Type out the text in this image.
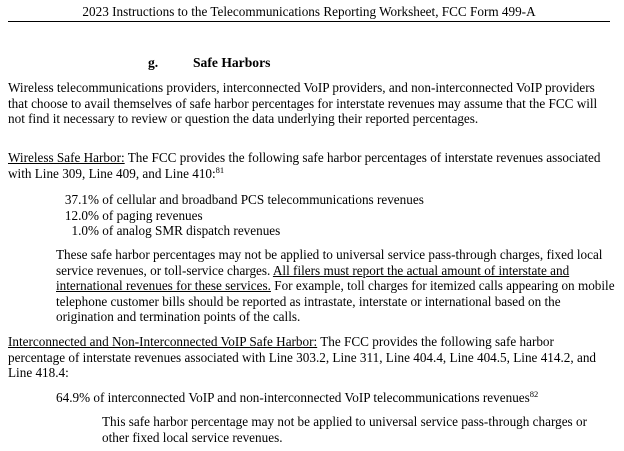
2023 Instructions to the Telecommunications Reporting Worksheet, FCC Form 499-A
g.	Safe Harbors

Wireless telecommunications providers, interconnected VoIP providers, and non-interconnected VoIP providers that choose to avail themselves of safe harbor percentages for interstate revenues may assume that the FCC will not find it necessary to review or question the data underlying their reported percentages.

Wireless Safe Harbor: The FCC provides the following safe harbor percentages of interstate revenues associated with Line 309, Line 409, and Line 410:$^{81}$

37.1% of cellular and broadband PCS telecommunications revenues
12.0% of paging revenues
1.0% of analog SMR dispatch revenues

These safe harbor percentages may not be applied to universal service pass-through charges, fixed local service revenues, or toll-service charges. All filers must report the actual amount of interstate and international revenues for these services. For example, toll charges for itemized calls appearing on mobile telephone customer bills should be reported as intrastate, interstate or international based on the origination and termination points of the calls.

Interconnected and Non-Interconnected VoIP Safe Harbor: The FCC provides the following safe harbor percentage of interstate revenues associated with Line 303.2, Line 311, Line 404.4, Line 404.5, Line 414.2, and Line 418.4:

64.9% of interconnected VoIP and non-interconnected VoIP telecommunications revenues$^{82}$

This safe harbor percentage may not be applied to universal service pass-through charges or other fixed local service revenues.
